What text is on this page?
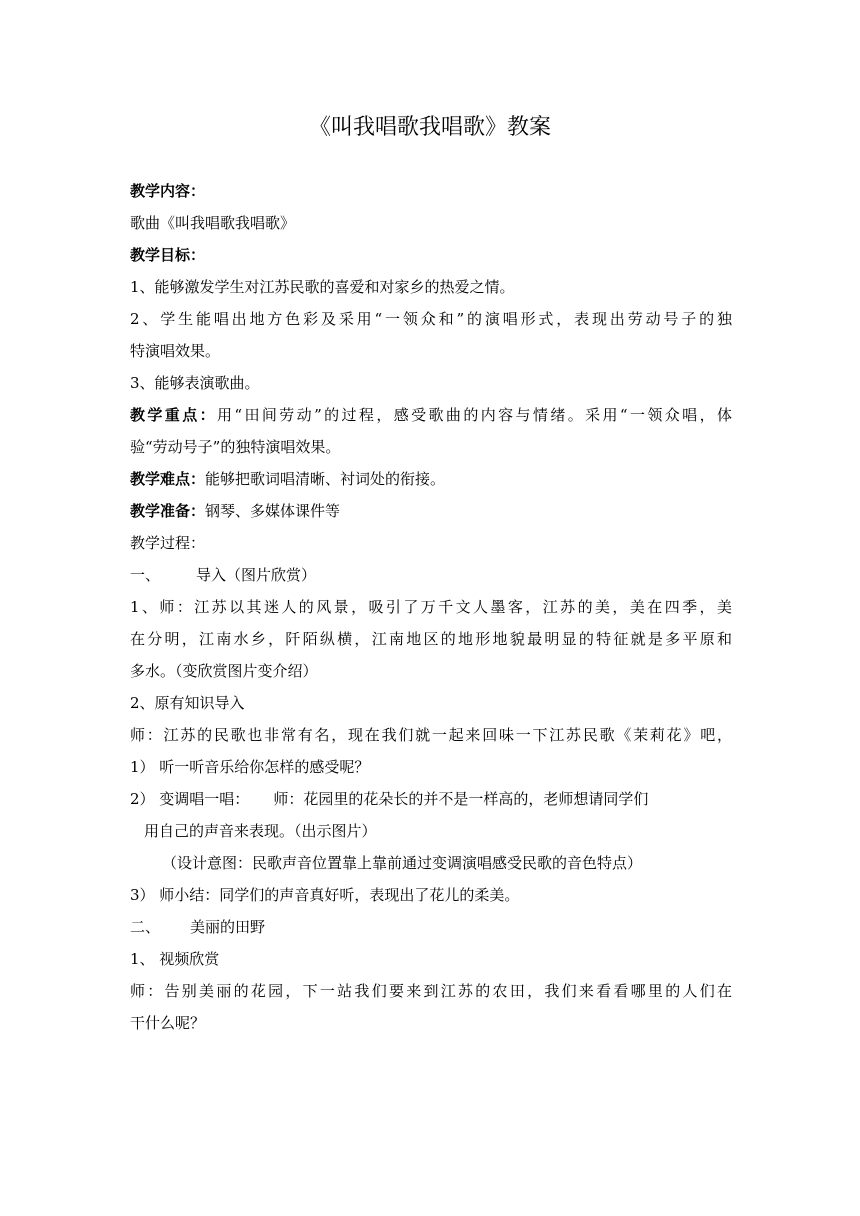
《叫我唱歌我唱歌》教案
教学内容：
歌曲《叫我唱歌我唱歌》
教学目标：
1、能够激发学生对江苏民歌的喜爱和对家乡的热爱之情。
2、学生能唱出地方色彩及采用“一领众和”的演唱形式，表现出劳动号子的独
特演唱效果。
3、能够表演歌曲。
教学重点：用“田间劳动”的过程，感受歌曲的内容与情绪。采用“一领众唱，体
验“劳动号子”的独特演唱效果。
教学难点：能够把歌词唱清晰、衬词处的衔接。
教学准备：钢琴、多媒体课件等
教学过程：
一、 导入（图片欣赏）
1、师：江苏以其迷人的风景，吸引了万千文人墨客，江苏的美，美在四季，美
在分明，江南水乡，阡陌纵横，江南地区的地形地貌最明显的特征就是多平原和
多水。（变欣赏图片变介绍）
2、原有知识导入
师：江苏的民歌也非常有名，现在我们就一起来回味一下江苏民歌《茉莉花》吧，
1） 听一听音乐给你怎样的感受呢？
2） 变调唱一唱： 师：花园里的花朵长的并不是一样高的，老师想请同学们
用自己的声音来表现。（出示图片）
（设计意图：民歌声音位置靠上靠前通过变调演唱感受民歌的音色特点）
3） 师小结：同学们的声音真好听，表现出了花儿的柔美。
二、 美丽的田野
1、 视频欣赏
师：告别美丽的花园，下一站我们要来到江苏的农田，我们来看看哪里的人们在
干什么呢？
